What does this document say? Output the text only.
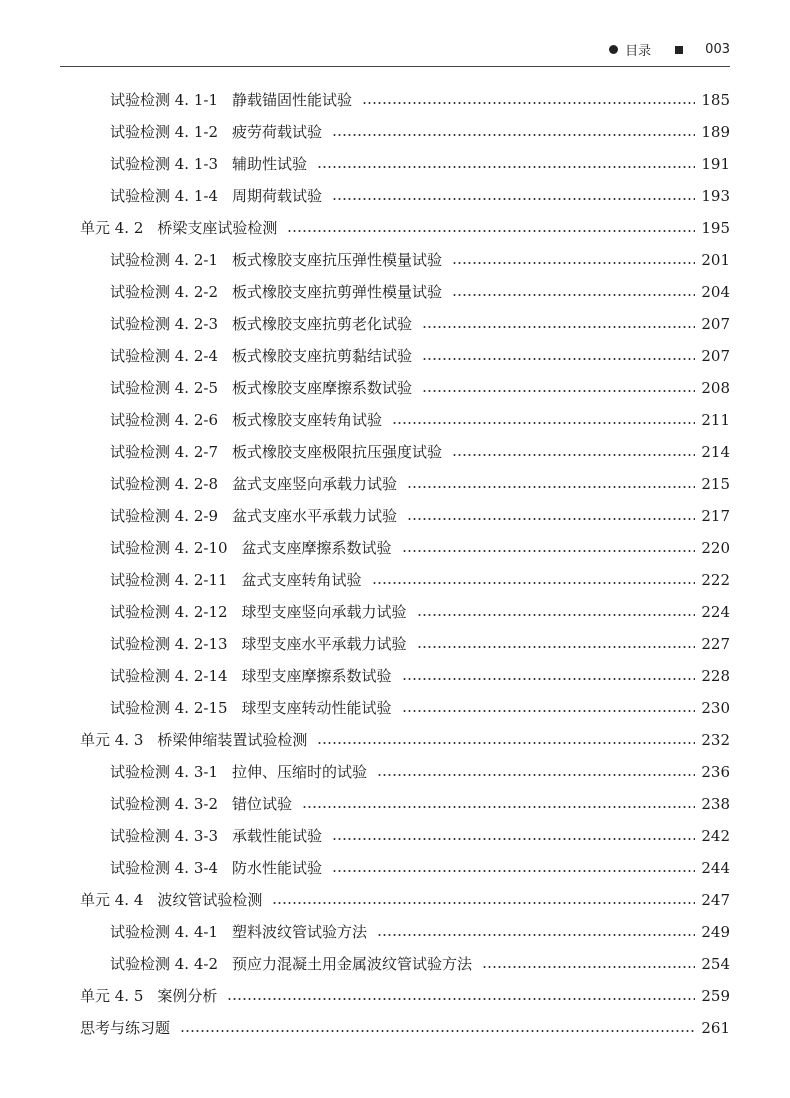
目录	003
试验检测 4. 1-1 静载锚固性能试验	185
试验检测 4. 1-2 疲劳荷载试验	189
试验检测 4. 1-3 辅助性试验	191
试验检测 4. 1-4 周期荷载试验	193
单元 4. 2 桥梁支座试验检测	195
试验检测 4. 2-1 板式橡胶支座抗压弹性模量试验	201
试验检测 4. 2-2 板式橡胶支座抗剪弹性模量试验	204
试验检测 4. 2-3 板式橡胶支座抗剪老化试验	207
试验检测 4. 2-4 板式橡胶支座抗剪黏结试验	207
试验检测 4. 2-5 板式橡胶支座摩擦系数试验	208
试验检测 4. 2-6 板式橡胶支座转角试验	211
试验检测 4. 2-7 板式橡胶支座极限抗压强度试验	214
试验检测 4. 2-8 盆式支座竖向承载力试验	215
试验检测 4. 2-9 盆式支座水平承载力试验	217
试验检测 4. 2-10 盆式支座摩擦系数试验	220
试验检测 4. 2-11 盆式支座转角试验	222
试验检测 4. 2-12 球型支座竖向承载力试验	224
试验检测 4. 2-13 球型支座水平承载力试验	227
试验检测 4. 2-14 球型支座摩擦系数试验	228
试验检测 4. 2-15 球型支座转动性能试验	230
单元 4. 3 桥梁伸缩装置试验检测	232
试验检测 4. 3-1 拉伸、压缩时的试验	236
试验检测 4. 3-2 错位试验	238
试验检测 4. 3-3 承载性能试验	242
试验检测 4. 3-4 防水性能试验	244
单元 4. 4 波纹管试验检测	247
试验检测 4. 4-1 塑料波纹管试验方法	249
试验检测 4. 4-2 预应力混凝土用金属波纹管试验方法	254
单元 4. 5 案例分析	259
思考与练习题	261
